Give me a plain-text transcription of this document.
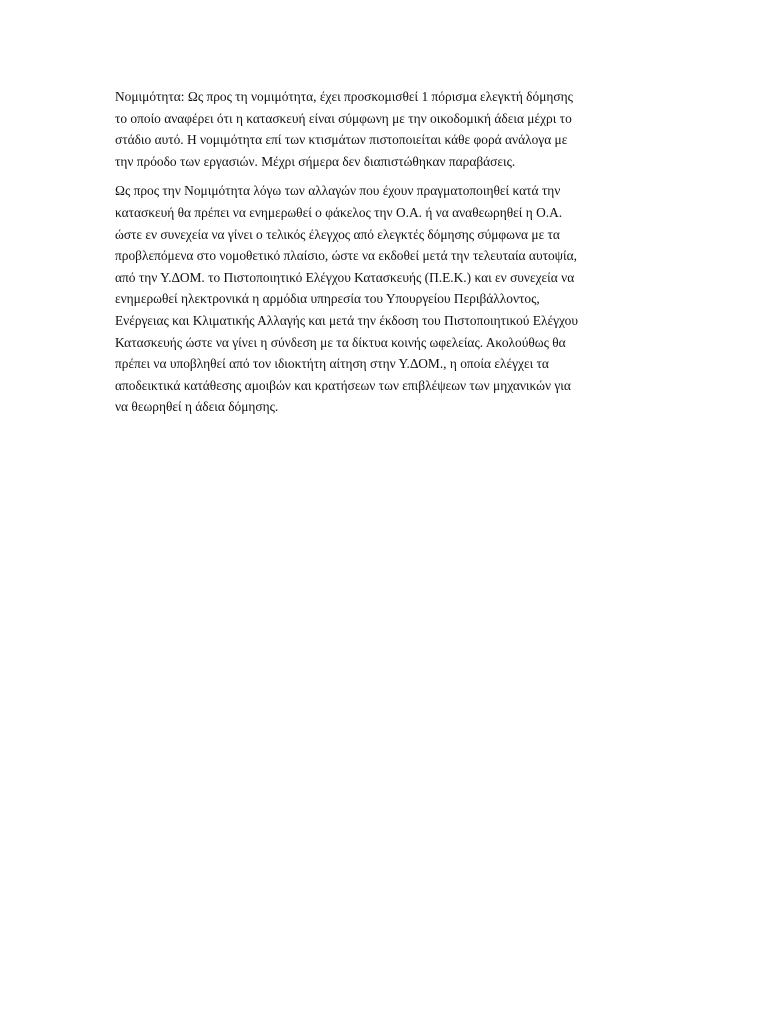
Νομιμότητα: Ως προς τη νομιμότητα, έχει προσκομισθεί 1 πόρισμα ελεγκτή δόμησης
το οποίο αναφέρει ότι η κατασκευή είναι σύμφωνη με την οικοδομική άδεια μέχρι το
στάδιο αυτό. Η νομιμότητα επί των κτισμάτων πιστοποιείται κάθε φορά ανάλογα με
την πρόοδο των εργασιών. Μέχρι σήμερα δεν διαπιστώθηκαν παραβάσεις.

Ως προς την Νομιμότητα λόγω των αλλαγών που έχουν πραγματοποιηθεί κατά την
κατασκευή θα πρέπει να ενημερωθεί ο φάκελος την Ο.Α. ή να αναθεωρηθεί η Ο.Α.
ώστε εν συνεχεία να γίνει ο τελικός έλεγχος από ελεγκτές δόμησης σύμφωνα με τα
προβλεπόμενα στο νομοθετικό πλαίσιο, ώστε να εκδοθεί μετά την τελευταία αυτοψία,
από την Υ.ΔΟΜ. το Πιστοποιητικό Ελέγχου Κατασκευής (Π.Ε.Κ.) και εν συνεχεία να
ενημερωθεί ηλεκτρονικά η αρμόδια υπηρεσία του Υπουργείου Περιβάλλοντος,
Ενέργειας και Κλιματικής Αλλαγής και μετά την έκδοση του Πιστοποιητικού Ελέγχου
Κατασκευής ώστε να γίνει η σύνδεση με τα δίκτυα κοινής ωφελείας. Ακολούθως θα
πρέπει να υποβληθεί από τον ιδιοκτήτη αίτηση στην Υ.ΔΟΜ., η οποία ελέγχει τα
αποδεικτικά κατάθεσης αμοιβών και κρατήσεων των επιβλέψεων των μηχανικών για
να θεωρηθεί η άδεια δόμησης.
